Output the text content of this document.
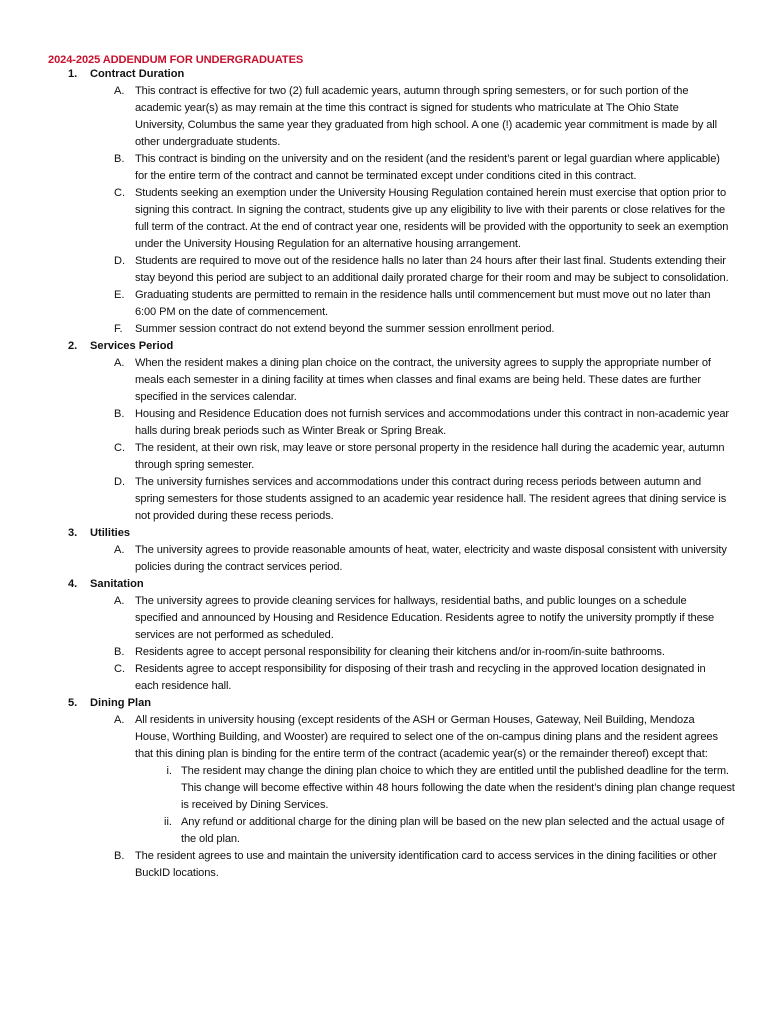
2024-2025 ADDENDUM FOR UNDERGRADUATES
1.	Contract Duration
A. This contract is effective for two (2) full academic years, autumn through spring semesters, or for such portion of the academic year(s) as may remain at the time this contract is signed for students who matriculate at The Ohio State University, Columbus the same year they graduated from high school. A one (!) academic year commitment is made by all other undergraduate students.
B. This contract is binding on the university and on the resident (and the resident’s parent or legal guardian where applicable) for the entire term of the contract and cannot be terminated except under conditions cited in this contract.
C. Students seeking an exemption under the University Housing Regulation contained herein must exercise that option prior to signing this contract. In signing the contract, students give up any eligibility to live with their parents or close relatives for the full term of the contract. At the end of contract year one, residents will be provided with the opportunity to seek an exemption under the University Housing Regulation for an alternative housing arrangement.
D. Students are required to move out of the residence halls no later than 24 hours after their last final. Students extending their stay beyond this period are subject to an additional daily prorated charge for their room and may be subject to consolidation.
E. Graduating students are permitted to remain in the residence halls until commencement but must move out no later than 6:00 PM on the date of commencement.
F.	Summer session contract do not extend beyond the summer session enrollment period.
2.	Services Period
A. When the resident makes a dining plan choice on the contract, the university agrees to supply the appropriate number of meals each semester in a dining facility at times when classes and final exams are being held. These dates are further specified in the services calendar.
B. Housing and Residence Education does not furnish services and accommodations under this contract in non-academic year halls during break periods such as Winter Break or Spring Break.
C. The resident, at their own risk, may leave or store personal property in the residence hall during the academic year, autumn through spring semester.
D. The university furnishes services and accommodations under this contract during recess periods between autumn and spring semesters for those students assigned to an academic year residence hall. The resident agrees that dining service is not provided during these recess periods.
3.	Utilities
A. The university agrees to provide reasonable amounts of heat, water, electricity and waste disposal consistent with university policies during the contract services period.
4.	Sanitation
A. The university agrees to provide cleaning services for hallways, residential baths, and public lounges on a schedule specified and announced by Housing and Residence Education. Residents agree to notify the university promptly if these services are not performed as scheduled.
B. Residents agree to accept personal responsibility for cleaning their kitchens and/or in-room/in-suite bathrooms.
C. Residents agree to accept responsibility for disposing of their trash and recycling in the approved location designated in each residence hall.
5.	Dining Plan
A. All residents in university housing (except residents of the ASH or German Houses, Gateway, Neil Building, Mendoza House, Worthing Building, and Wooster) are required to select one of the on-campus dining plans and the resident agrees that this dining plan is binding for the entire term of the contract (academic year(s) or the remainder thereof) except that:
i. The resident may change the dining plan choice to which they are entitled until the published deadline for the term. This change will become effective within 48 hours following the date when the resident’s dining plan change request is received by Dining Services.
ii. Any refund or additional charge for the dining plan will be based on the new plan selected and the actual usage of the old plan.
B. The resident agrees to use and maintain the university identification card to access services in the dining facilities or other BuckID locations.
